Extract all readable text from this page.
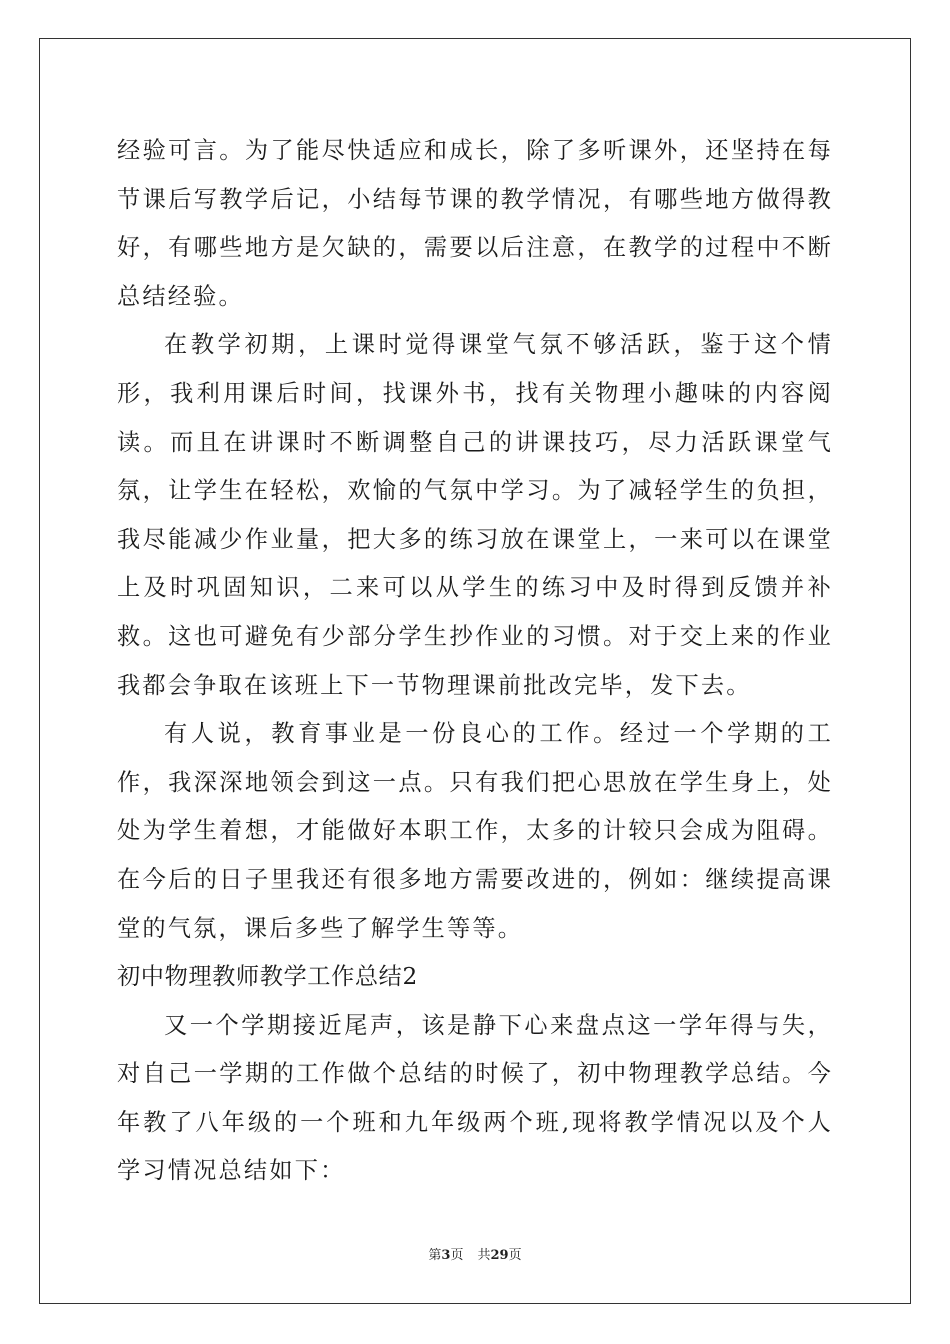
经验可言。为了能尽快适应和成长，除了多听课外，还坚持在每节课后写教学后记，小结每节课的教学情况，有哪些地方做得教好，有哪些地方是欠缺的，需要以后注意，在教学的过程中不断总结经验。

在教学初期，上课时觉得课堂气氛不够活跃，鉴于这个情形，我利用课后时间，找课外书，找有关物理小趣味的内容阅读。而且在讲课时不断调整自己的讲课技巧，尽力活跃课堂气氛，让学生在轻松，欢愉的气氛中学习。为了减轻学生的负担，我尽能减少作业量，把大多的练习放在课堂上，一来可以在课堂上及时巩固知识，二来可以从学生的练习中及时得到反馈并补救。这也可避免有少部分学生抄作业的习惯。对于交上来的作业我都会争取在该班上下一节物理课前批改完毕，发下去。

有人说，教育事业是一份良心的工作。经过一个学期的工作，我深深地领会到这一点。只有我们把心思放在学生身上，处处为学生着想，才能做好本职工作，太多的计较只会成为阻碍。在今后的日子里我还有很多地方需要改进的，例如：继续提高课堂的气氛，课后多些了解学生等等。

初中物理教师教学工作总结2

又一个学期接近尾声，该是静下心来盘点这一学年得与失，对自己一学期的工作做个总结的时候了，初中物理教学总结。今年教了八年级的一个班和九年级两个班,现将教学情况以及个人学习情况总结如下：

第3页 共29页
